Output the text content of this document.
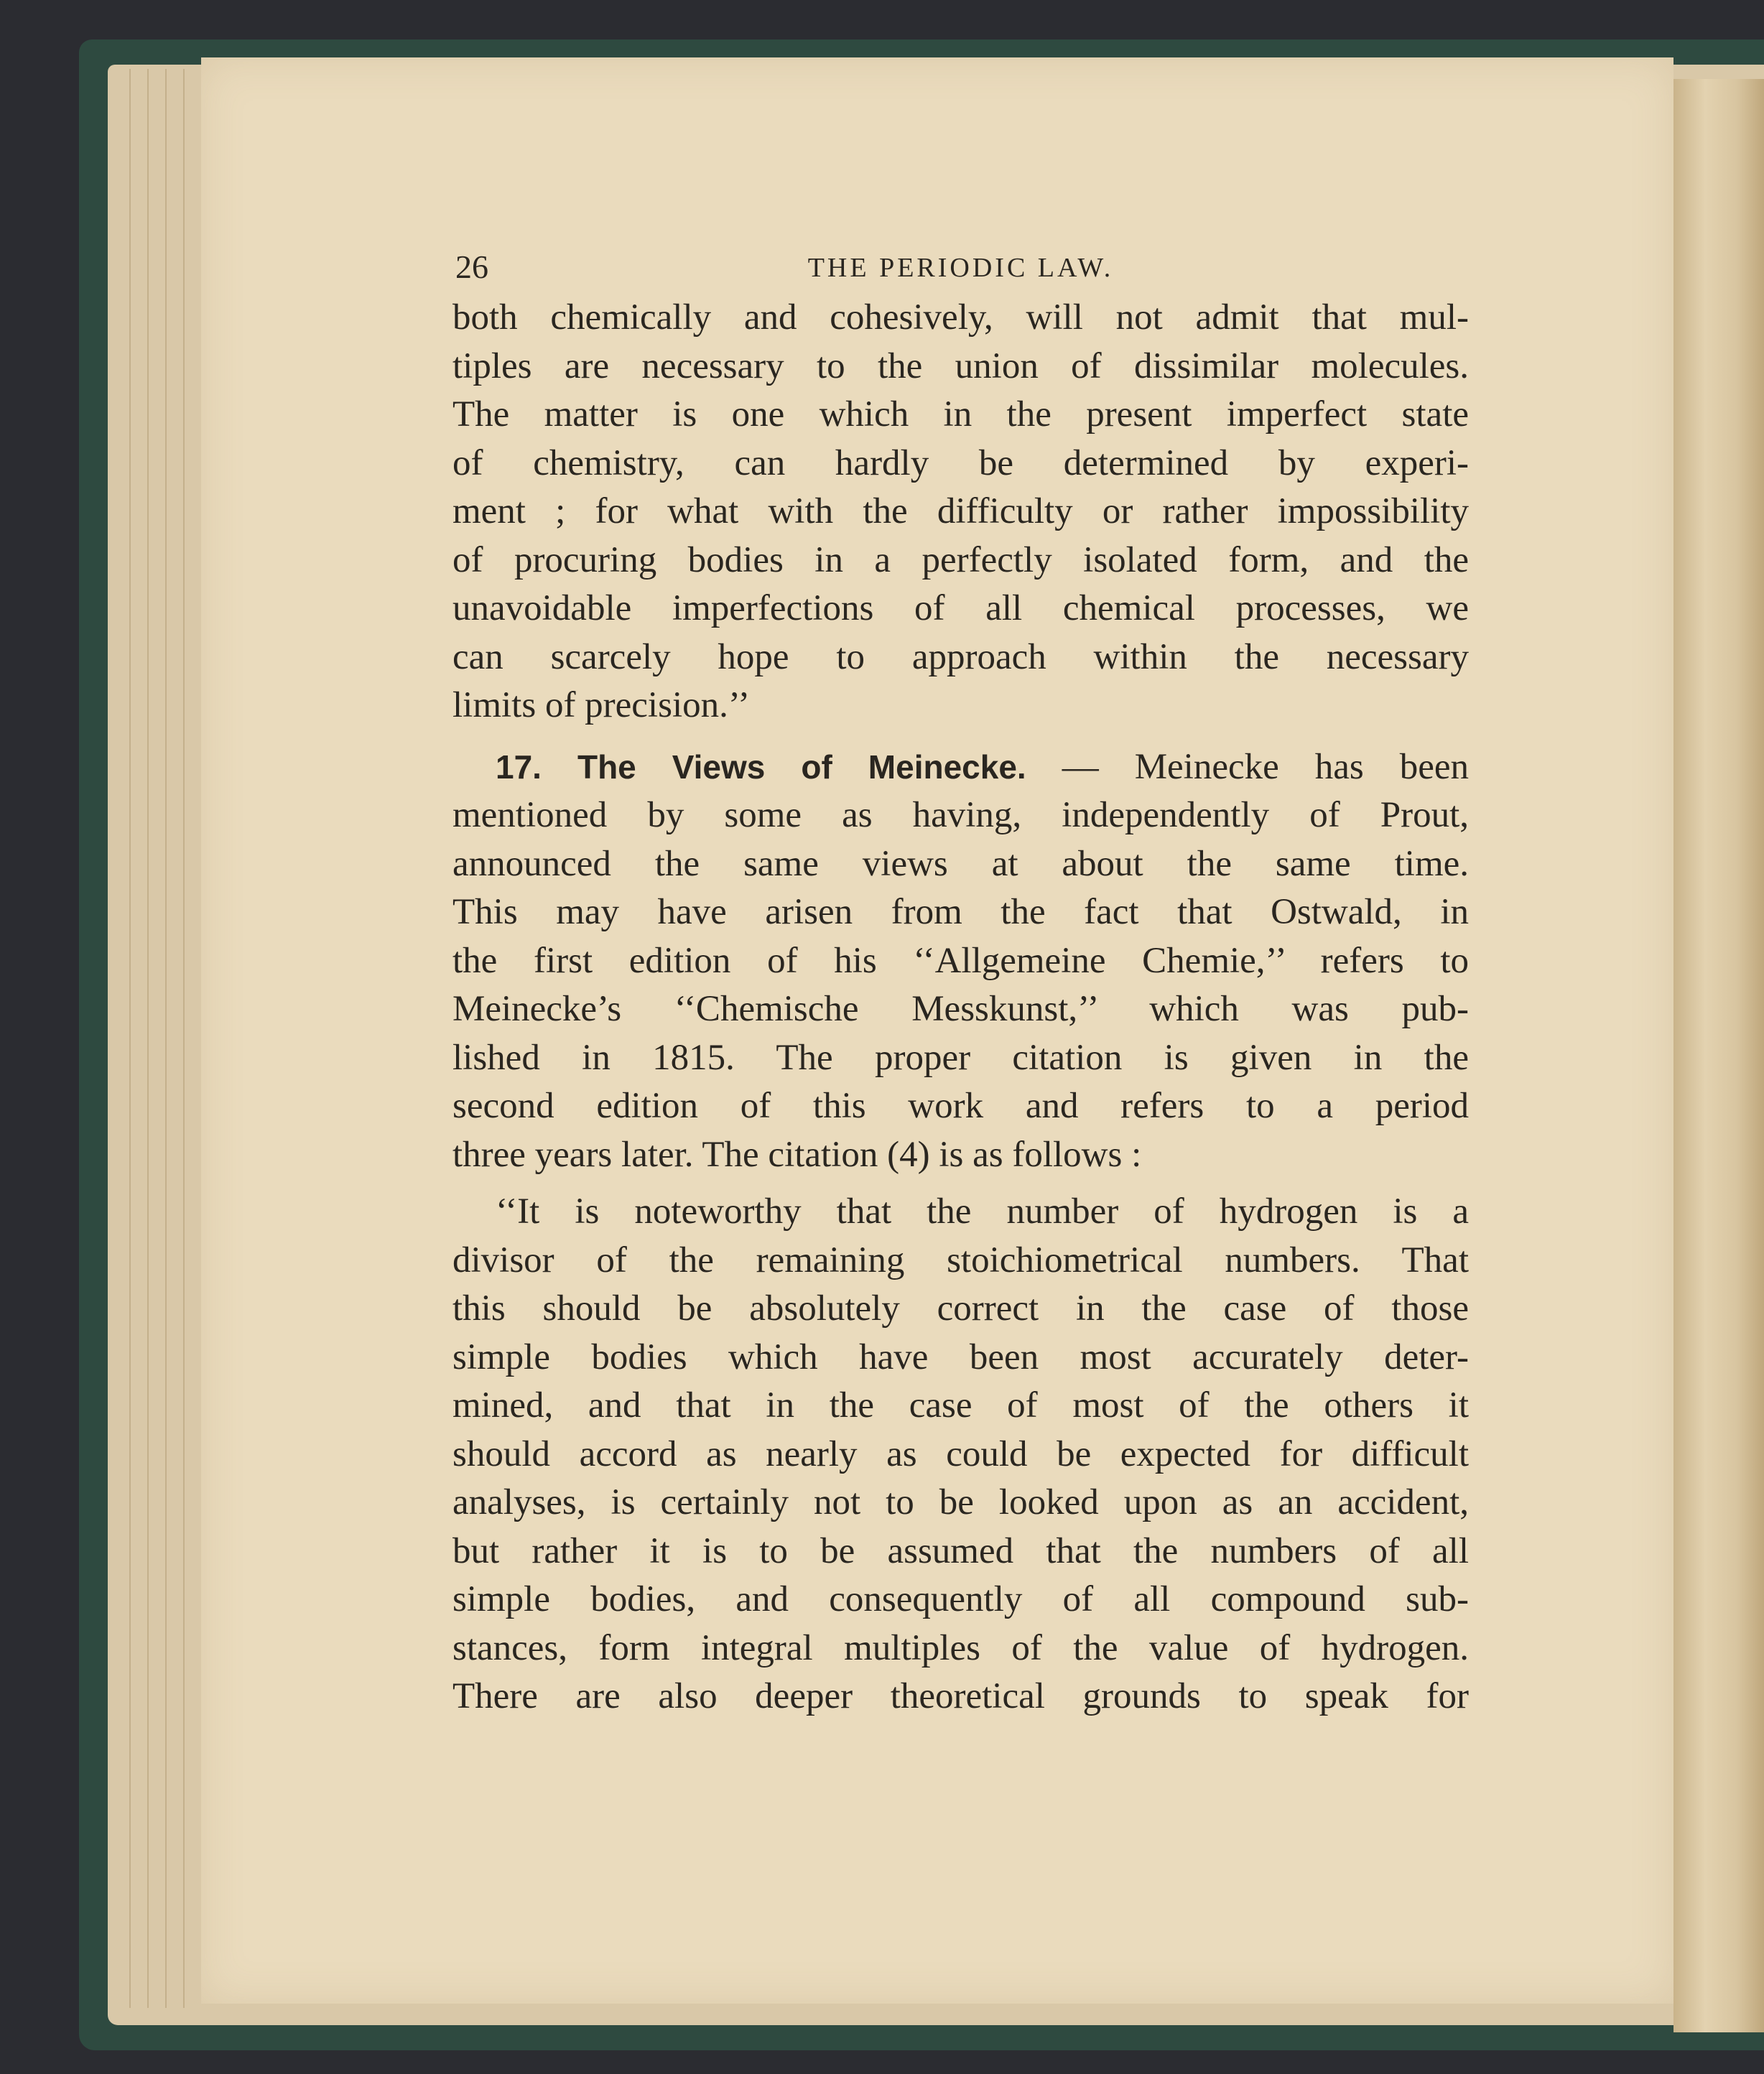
26	THE PERIODIC LAW.

both chemically and cohesively, will not admit that mul-
tiples are necessary to the union of dissimilar molecules.
The matter is one which in the present imperfect state
of chemistry, can hardly be determined by experi-
ment ; for what with the difficulty or rather impossibility
of procuring bodies in a perfectly isolated form, and the
unavoidable imperfections of all chemical processes, we
can scarcely hope to approach within the necessary
limits of precision.’’

17. The Views of Meinecke. — Meinecke has been
mentioned by some as having, independently of Prout,
announced the same views at about the same time.
This may have arisen from the fact that Ostwald, in
the first edition of his ‘‘Allgemeine Chemie,’’ refers to
Meinecke’s ‘‘Chemische Messkunst,’’ which was pub-
lished in 1815. The proper citation is given in the
second edition of this work and refers to a period
three years later. The citation (4) is as follows :

‘‘It is noteworthy that the number of hydrogen is a
divisor of the remaining stoichiometrical numbers. That
this should be absolutely correct in the case of those
simple bodies which have been most accurately deter-
mined, and that in the case of most of the others it
should accord as nearly as could be expected for difficult
analyses, is certainly not to be looked upon as an accident,
but rather it is to be assumed that the numbers of all
simple bodies, and consequently of all compound sub-
stances, form integral multiples of the value of hydrogen.
There are also deeper theoretical grounds to speak for
